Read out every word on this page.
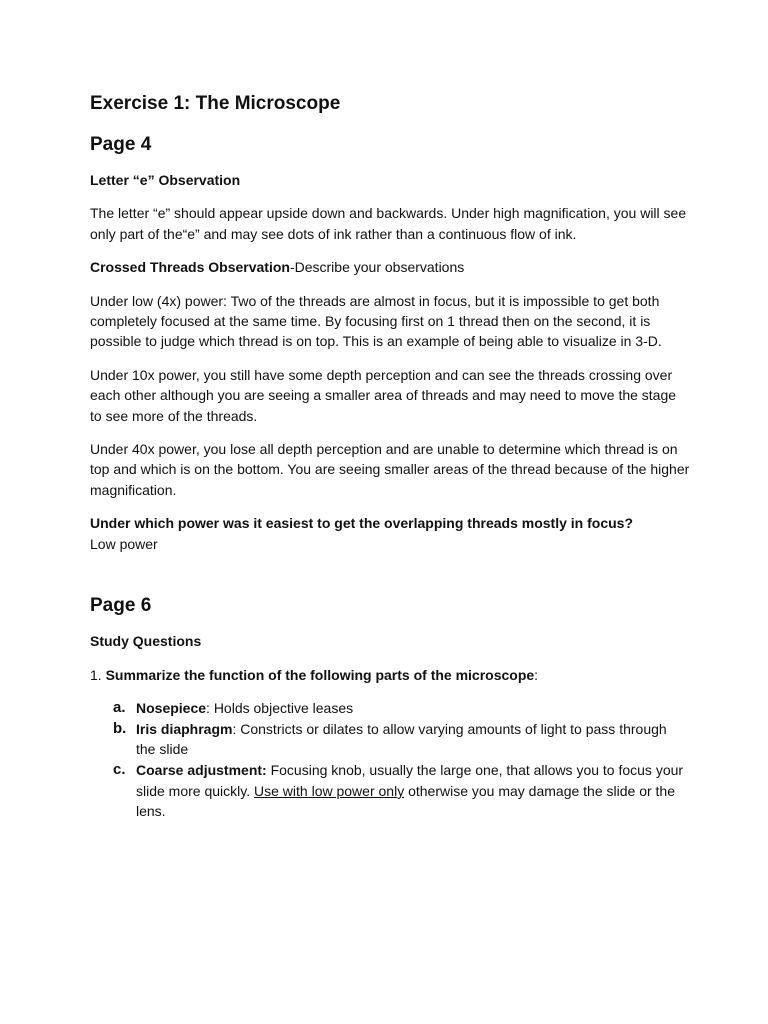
Exercise 1: The Microscope
Page 4

Letter “e” Observation

The letter “e” should appear upside down and backwards. Under high magnification, you will see only part of the“e” and may see dots of ink rather than a continuous flow of ink.

Crossed Threads Observation-Describe your observations

Under low (4x) power: Two of the threads are almost in focus, but it is impossible to get both completely focused at the same time. By focusing first on 1 thread then on the second, it is possible to judge which thread is on top. This is an example of being able to visualize in 3-D.

Under 10x power, you still have some depth perception and can see the threads crossing over each other although you are seeing a smaller area of threads and may need to move the stage to see more of the threads.

Under 40x power, you lose all depth perception and are unable to determine which thread is on top and which is on the bottom. You are seeing smaller areas of the thread because of the higher magnification.

Under which power was it easiest to get the overlapping threads mostly in focus?
Low power

Page 6

Study Questions

1. Summarize the function of the following parts of the microscope:

a. Nosepiece: Holds objective leases
b. Iris diaphragm: Constricts or dilates to allow varying amounts of light to pass through the slide
c. Coarse adjustment: Focusing knob, usually the large one, that allows you to focus your slide more quickly. Use with low power only otherwise you may damage the slide or the lens.
